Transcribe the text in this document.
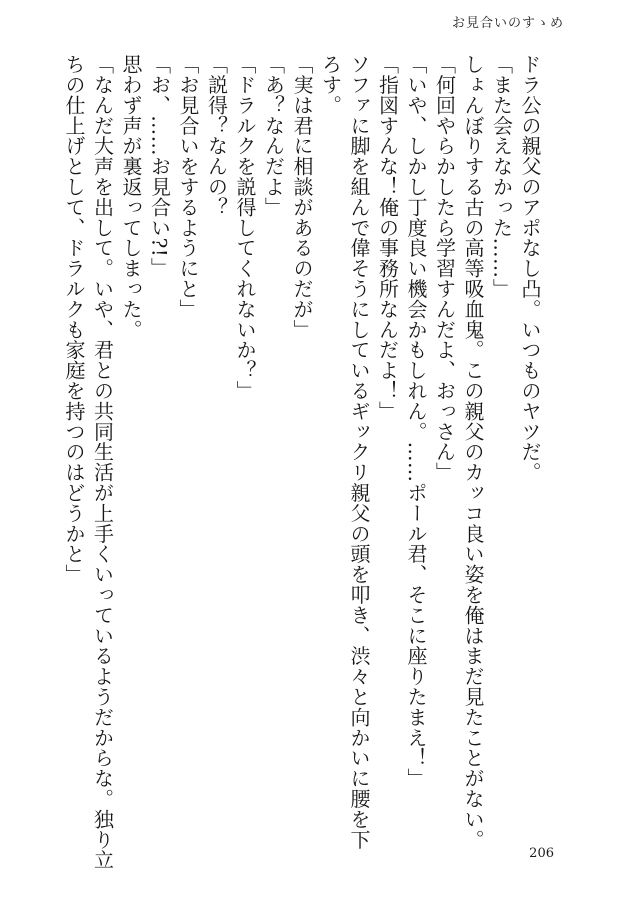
お見合いのすゝめ
ドラ公の親父のアポなし凸。いつものヤツだ。
「また会えなかった……」
しょんぼりする古の高等吸血鬼。この親父のカッコ良い姿を俺はまだ見たことがない。
「何回やらかしたら学習すんだよ、おっさん」
「いや、しかし丁度良い機会かもしれん。……ポール君、そこに座りたまえ！」
「指図すんな！俺の事務所なんだよ！」
ソファに脚を組んで偉そうにしているギックリ親父の頭を叩き、渋々と向かいに腰を下
ろす。
「実は君に相談があるのだが」
「あ？なんだよ」
「ドラルクを説得してくれないか？」
「説得？なんの？
「お見合いをするようにと」
「お、……お見合い?!」
思わず声が裏返ってしまった。
「なんだ大声を出して。いや、君との共同生活が上手くいっているようだからな。独り立
ちの仕上げとして、ドラルクも家庭を持つのはどうかと」
206
